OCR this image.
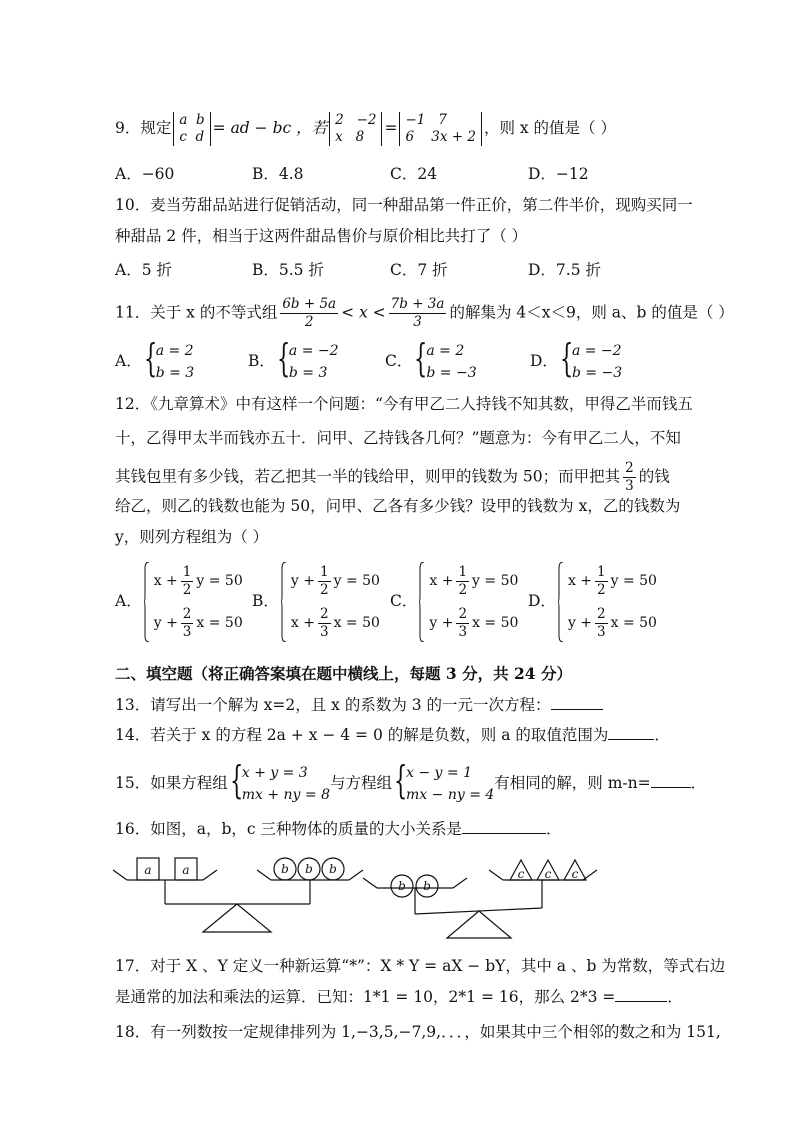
9．规定 a  b
c  d = ad − bc ，若 2   −2
x   8	= −1   7
6    3x + 2 ，则 x 的值是（ ）
A．−60	B．4.8	C．24	D．−12
10．麦当劳甜品站进行促销活动，同一种甜品第一件正价，第二件半价，现购买同一
种甜品 2 件，相当于这两件甜品售价与原价相比共打了（ ）
A．5 折	B．5.5 折	C．7 折	D．7.5 折
11．关于 x 的不等式组 $\frac{6b + 5a}{2} < x < \frac{7b + 3a}{3}$ 的解集为 4＜x＜9，则 a、b 的值是（ ）
A． {
a = 2
b = 3
B． {
a = −2
b = 3
C． {
a = 2
b = −3
D． {
a = −2
b = −3
12．《九章算术》中有这样一个问题：“今有甲乙二人持钱不知其数，甲得乙半而钱五
十，乙得甲太半而钱亦五十．问甲、乙持钱各几何？”题意为：今有甲乙二人，不知
其钱包里有多少钱，若乙把其一半的钱给甲，则甲的钱数为 50；而甲把其 $\frac{2}{3}$ 的钱
给乙，则乙的钱数也能为 50，问甲、乙各有多少钱？设甲的钱数为 x，乙的钱数为
y，则列方程组为（ ）
A．
$x + \frac{1}{2}$ y = 50
$y + \frac{2}{3}$ x = 50
B．
$y + \frac{1}{2}$ y = 50
$x + \frac{2}{3}$ x = 50
C．
$x + \frac{1}{2}$ y = 50
$y + \frac{2}{3}$ x = 50
D．
$x + \frac{1}{2}$ y = 50
$y + \frac{2}{3}$ x = 50
二、填空题（将正确答案填在题中横线上，每题 3 分，共 24 分）
13．请写出一个解为 x=2，且 x 的系数为 3 的一元一次方程：
14．若关于 x 的方程 2a + x − 4 = 0 的解是负数，则 a 的取值范围为	．
15．如果方程组 {
x + y = 3
mx + ny = 8
与方程组 {
x − y = 1
mx − ny = 4
有相同的解，则 m-n=	．
16．如图，a，b，c 三种物体的质量的大小关系是	．
a	a	b b b
b b
c c c
17．对于 X 、Y 定义一种新运算“*”：X * Y = aX − bY，其中 a 、b 为常数，等式右边
是通常的加法和乘法的运算．已知：1*1 = 10，2*1 = 16，那么 2*3 =	．
18．有一列数按一定规律排列为 1,−3,5,−7,9,．．．，如果其中三个相邻的数之和为 151,
